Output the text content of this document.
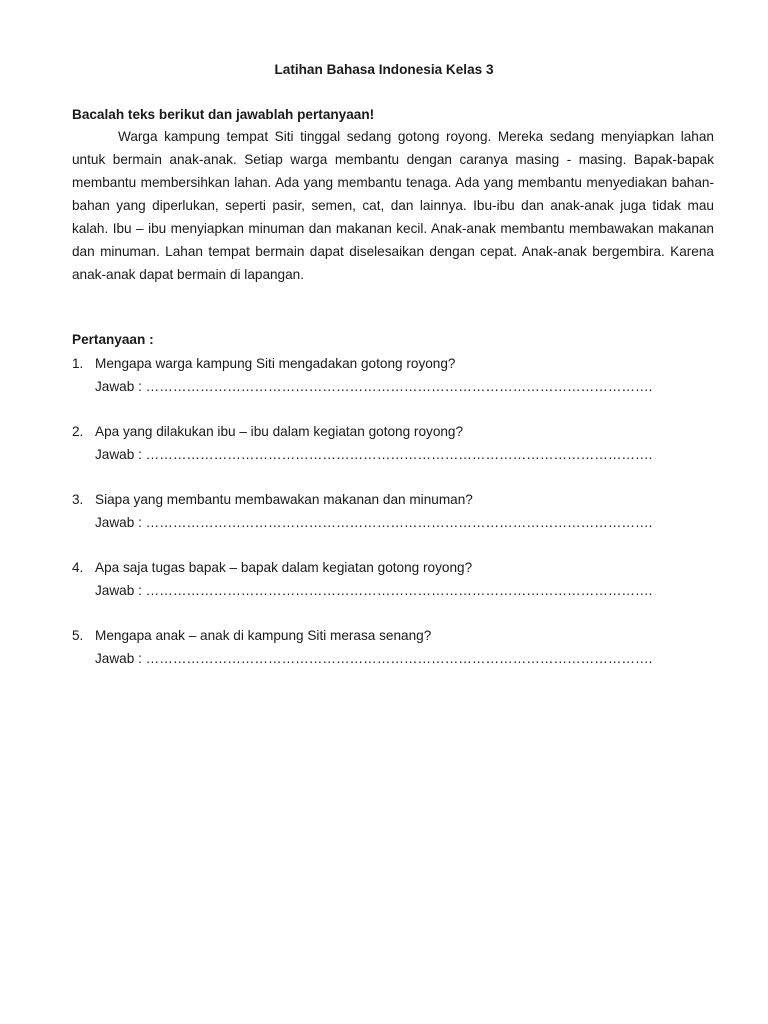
Latihan Bahasa Indonesia Kelas 3

Bacalah teks berikut dan jawablah pertanyaan!

Warga kampung tempat Siti tinggal sedang gotong royong. Mereka sedang menyiapkan lahan untuk bermain anak-anak. Setiap warga membantu dengan caranya masing - masing. Bapak-bapak membantu membersihkan lahan. Ada yang membantu tenaga. Ada yang membantu menyediakan bahan-bahan yang diperlukan, seperti pasir, semen, cat, dan lainnya. Ibu-ibu dan anak-anak juga tidak mau kalah. Ibu – ibu menyiapkan minuman dan makanan kecil. Anak-anak membantu membawakan makanan dan minuman. Lahan tempat bermain dapat diselesaikan dengan cepat. Anak-anak bergembira. Karena anak-anak dapat bermain di lapangan.

Pertanyaan :

1. Mengapa warga kampung Siti mengadakan gotong royong?
Jawab : ………………………………………………………………………………………………….
2. Apa yang dilakukan ibu – ibu dalam kegiatan gotong royong?
Jawab : ………………………………………………………………………………………………….
3. Siapa yang membantu membawakan makanan dan minuman?
Jawab : ………………………………………………………………………………………………….
4. Apa saja tugas bapak – bapak dalam kegiatan gotong royong?
Jawab : ………………………………………………………………………………………………….
5. Mengapa anak – anak di kampung Siti merasa senang?
Jawab : ………………………………………………………………………………………………….
